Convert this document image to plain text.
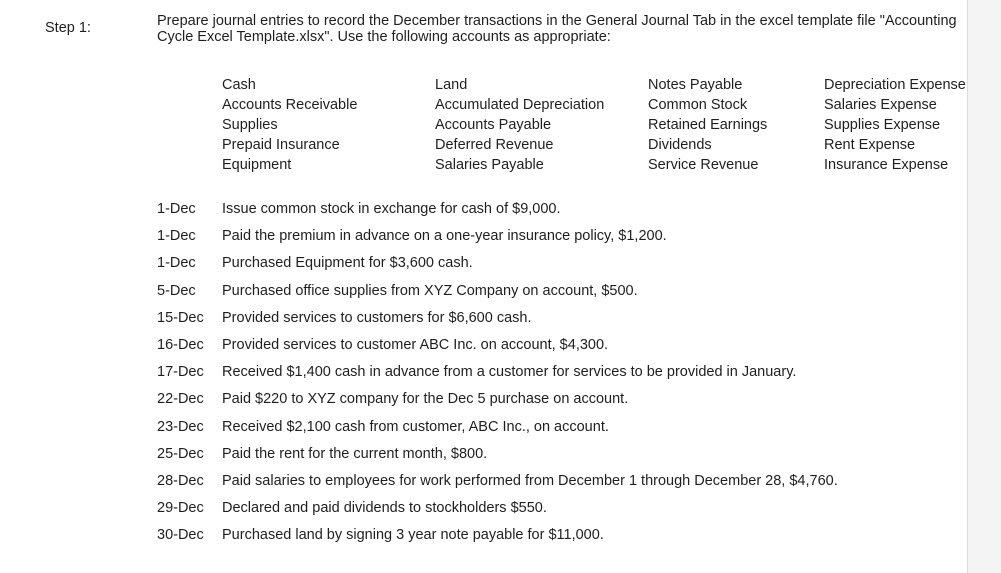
Step 1:	Prepare journal entries to record the December transactions in the General Journal Tab in the excel template file "Accounting Cycle Excel Template.xlsx". Use the following accounts as appropriate:
Cash
Accounts Receivable
Supplies
Prepaid Insurance
Equipment
Land
Accumulated Depreciation
Accounts Payable
Deferred Revenue
Salaries Payable
Notes Payable
Common Stock
Retained Earnings
Dividends
Service Revenue
Depreciation Expense
Salaries Expense
Supplies Expense
Rent Expense
Insurance Expense
1-Dec Issue common stock in exchange for cash of $9,000.
1-Dec Paid the premium in advance on a one-year insurance policy, $1,200.
1-Dec Purchased Equipment for $3,600 cash.
5-Dec Purchased office supplies from XYZ Company on account, $500.
15-Dec Provided services to customers for $6,600 cash.
16-Dec Provided services to customer ABC Inc. on account, $4,300.
17-Dec Received $1,400 cash in advance from a customer for services to be provided in January.
22-Dec Paid $220 to XYZ company for the Dec 5 purchase on account.
23-Dec Received $2,100 cash from customer, ABC Inc., on account.
25-Dec Paid the rent for the current month, $800.
28-Dec Paid salaries to employees for work performed from December 1 through December 28, $4,760.
29-Dec Declared and paid dividends to stockholders $550.
30-Dec Purchased land by signing 3 year note payable for $11,000.
